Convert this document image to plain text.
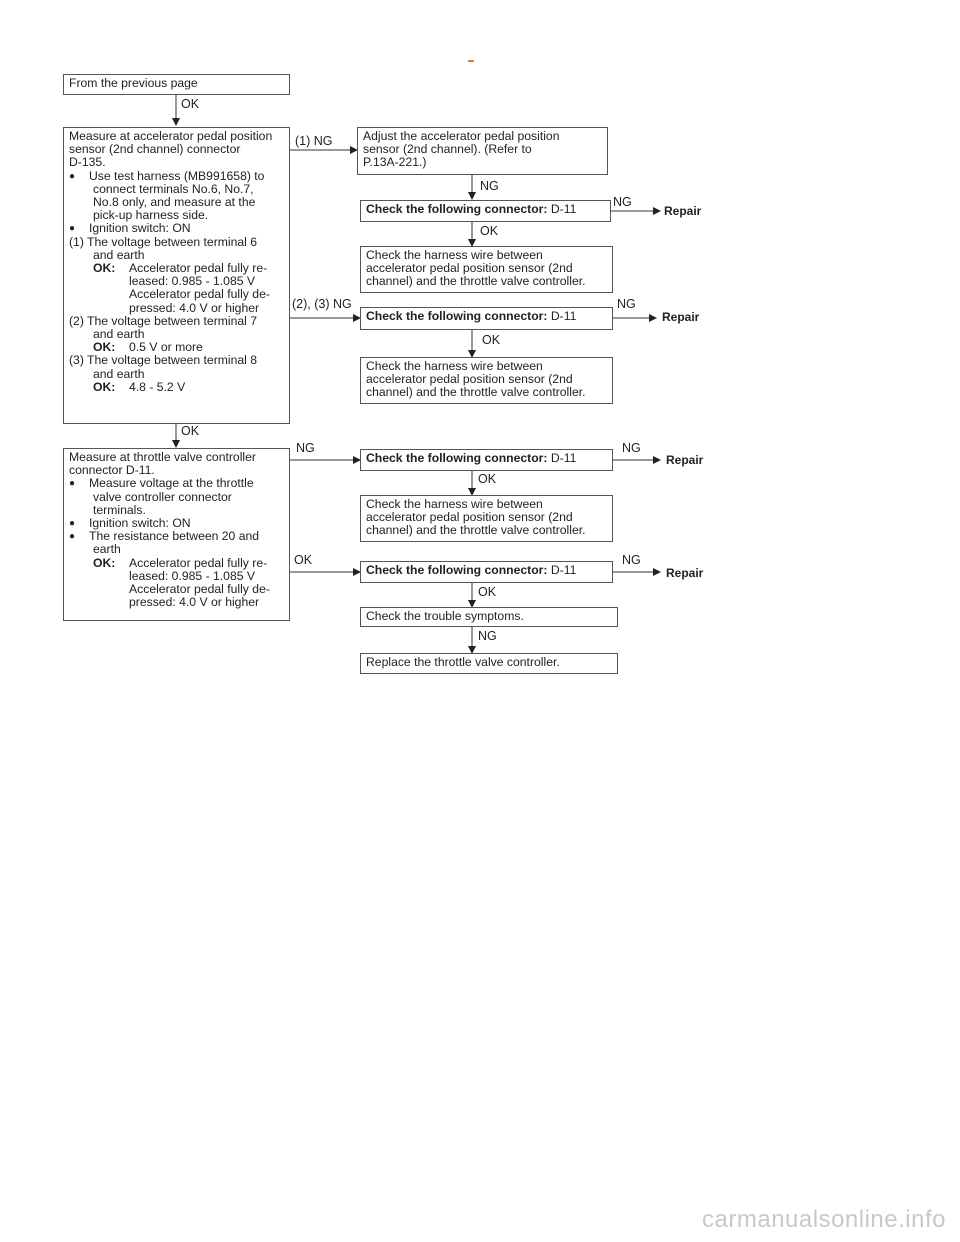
From the previous page
OK
OK
Measure at accelerator pedal position
sensor (2nd channel) connector
D-135.
●	Use test harness (MB991658) to
connect terminals No.6, No.7,
No.8 only, and measure at the
pick-up harness side.
●	Ignition switch: ON
(1) The voltage between terminal 6
and earth
OK:	Accelerator pedal fully re-
leased: 0.985 - 1.085 V
Accelerator pedal fully de-
pressed: 4.0 V or higher
(2) The voltage between terminal 7
and earth
OK:	0.5 V or more
(3) The voltage between terminal 8
and earth
OK:	4.8 - 5.2 V
(1) NG
(2), (3) NG
Adjust the accelerator pedal position
sensor (2nd channel). (Refer to
P.13A-221.)
NG
Check the following connector: D-11	NG
Repair
OK
Check the harness wire between
accelerator pedal position sensor (2nd
channel) and the throttle valve controller.
Check the following connector: D-11
NG
Repair
OK
Check the harness wire between
accelerator pedal position sensor (2nd
channel) and the throttle valve controller.
Measure at throttle valve controller
connector D-11.
●	Measure voltage at the throttle
valve controller connector
terminals.
●	Ignition switch: ON
●	The resistance between 20 and
earth
OK:	Accelerator pedal fully re-
leased: 0.985 - 1.085 V
Accelerator pedal fully de-
pressed: 4.0 V or higher
NG
OK
Check the following connector: D-11
NG
Repair
OK
Check the harness wire between
accelerator pedal position sensor (2nd
channel) and the throttle valve controller.
Check the following connector: D-11
NG
Repair
OK
Check the trouble symptoms.
NG
Replace the throttle valve controller.
carmanualsonline.info
